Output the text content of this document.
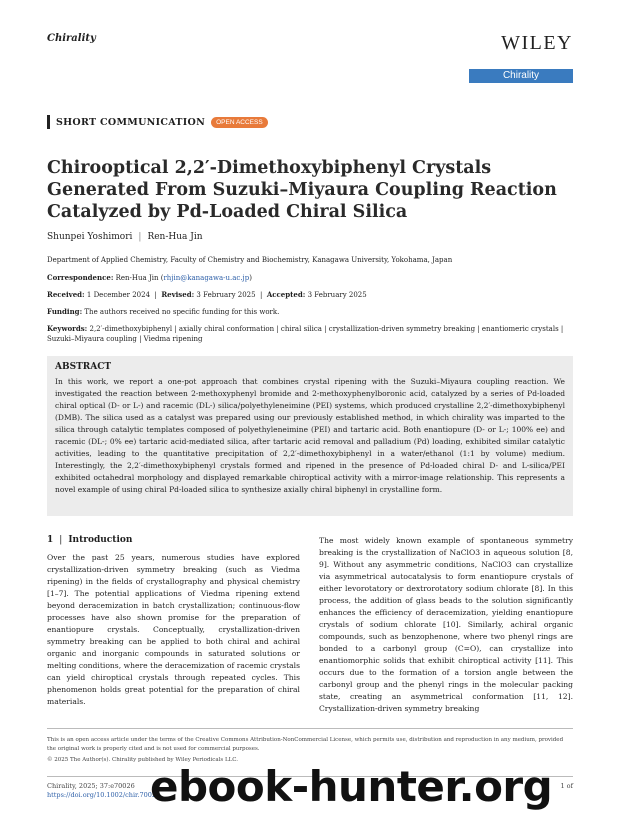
Chirality	WILEY
Chirality
SHORT COMMUNICATION	OPEN ACCESS
Chirooptical 2,2′-Dimethoxybiphenyl Crystals Generated From Suzuki–Miyaura Coupling Reaction Catalyzed by Pd-Loaded Chiral Silica
Shunpei Yoshimori | Ren-Hua Jin
Department of Applied Chemistry, Faculty of Chemistry and Biochemistry, Kanagawa University, Yokohama, Japan
Correspondence: Ren-Hua Jin (rhjin@kanagawa-u.ac.jp)
Received: 1 December 2024  |  Revised: 3 February 2025  |  Accepted: 3 February 2025
Funding: The authors received no specific funding for this work.
Keywords: 2,2′-dimethoxybiphenyl | axially chiral conformation | chiral silica | crystallization-driven symmetry breaking | enantiomeric crystals | Suzuki–Miyaura coupling | Viedma ripening
ABSTRACT

In this work, we report a one-pot approach that combines crystal ripening with the Suzuki–Miyaura coupling reaction. We investigated the reaction between 2-methoxyphenyl bromide and 2-methoxyphenylboronic acid, catalyzed by a series of Pd-loaded chiral optical (D- or L-) and racemic (DL-) silica/polyethyleneimine (PEI) systems, which produced crystalline 2,2′-dimethoxybiphenyl (DMB). The silica used as a catalyst was prepared using our previously established method, in which chirality was imparted to the silica through catalytic templates composed of polyethyleneimine (PEI) and tartaric acid. Both enantiopure (D- or L-; 100% ee) and racemic (DL-; 0% ee) tartaric acid-mediated silica, after tartaric acid removal and palladium (Pd) loading, exhibited similar catalytic activities, leading to the quantitative precipitation of 2,2′-dimethoxybiphenyl in a water/ethanol (1:1 by volume) medium. Interestingly, the 2,2′-dimethoxybiphenyl crystals formed and ripened in the presence of Pd-loaded chiral D- and L-silica/PEI exhibited octahedral morphology and displayed remarkable chiroptical activity with a mirror-image relationship. This represents a novel example of using chiral Pd-loaded silica to synthesize axially chiral biphenyl in crystalline form.

1 | Introduction
Over the past 25 years, numerous studies have explored crystallization-driven symmetry breaking (such as Viedma ripening) in the fields of crystallography and physical chemistry [1–7]. The potential applications of Viedma ripening extend beyond deracemization in batch crystallization; continuous-flow processes have also shown promise for the preparation of enantiopure crystals. Conceptually, crystallization-driven symmetry breaking can be applied to both chiral and achiral organic and inorganic compounds in saturated solutions or melting conditions, where the deracemization of racemic crystals can yield chiroptical crystals through repeated cycles. This phenomenon holds great potential for the preparation of chiral materials.
The most widely known example of spontaneous symmetry breaking is the crystallization of NaClO3 in aqueous solution [8, 9]. Without any asymmetric conditions, NaClO3 can crystallize via asymmetrical autocatalysis to form enantiopure crystals of either levorotatory or dextrorotatory sodium chlorate [8]. In this process, the addition of glass beads to the solution significantly enhances the efficiency of deracemization, yielding enantiopure crystals of sodium chlorate [10]. Similarly, achiral organic compounds, such as benzophenone, where two phenyl rings are bonded to a carbonyl group (C=O), can crystallize into enantiomorphic solids that exhibit chiroptical activity [11]. This occurs due to the formation of a torsion angle between the carbonyl group and the phenyl rings in the molecular packing state, creating an asymmetrical conformation [11, 12]. Crystallization-driven symmetry breaking
This is an open access article under the terms of the Creative Commons Attribution-NonCommercial License, which permits use, distribution and reproduction in any medium, provided the original work is properly cited and is not used for commercial purposes.
© 2025 The Author(s). Chirality published by Wiley Periodicals LLC.
Chirality, 2025; 37:e70026
https://doi.org/10.1002/chir.70026
1 of
ebook-hunter.org
